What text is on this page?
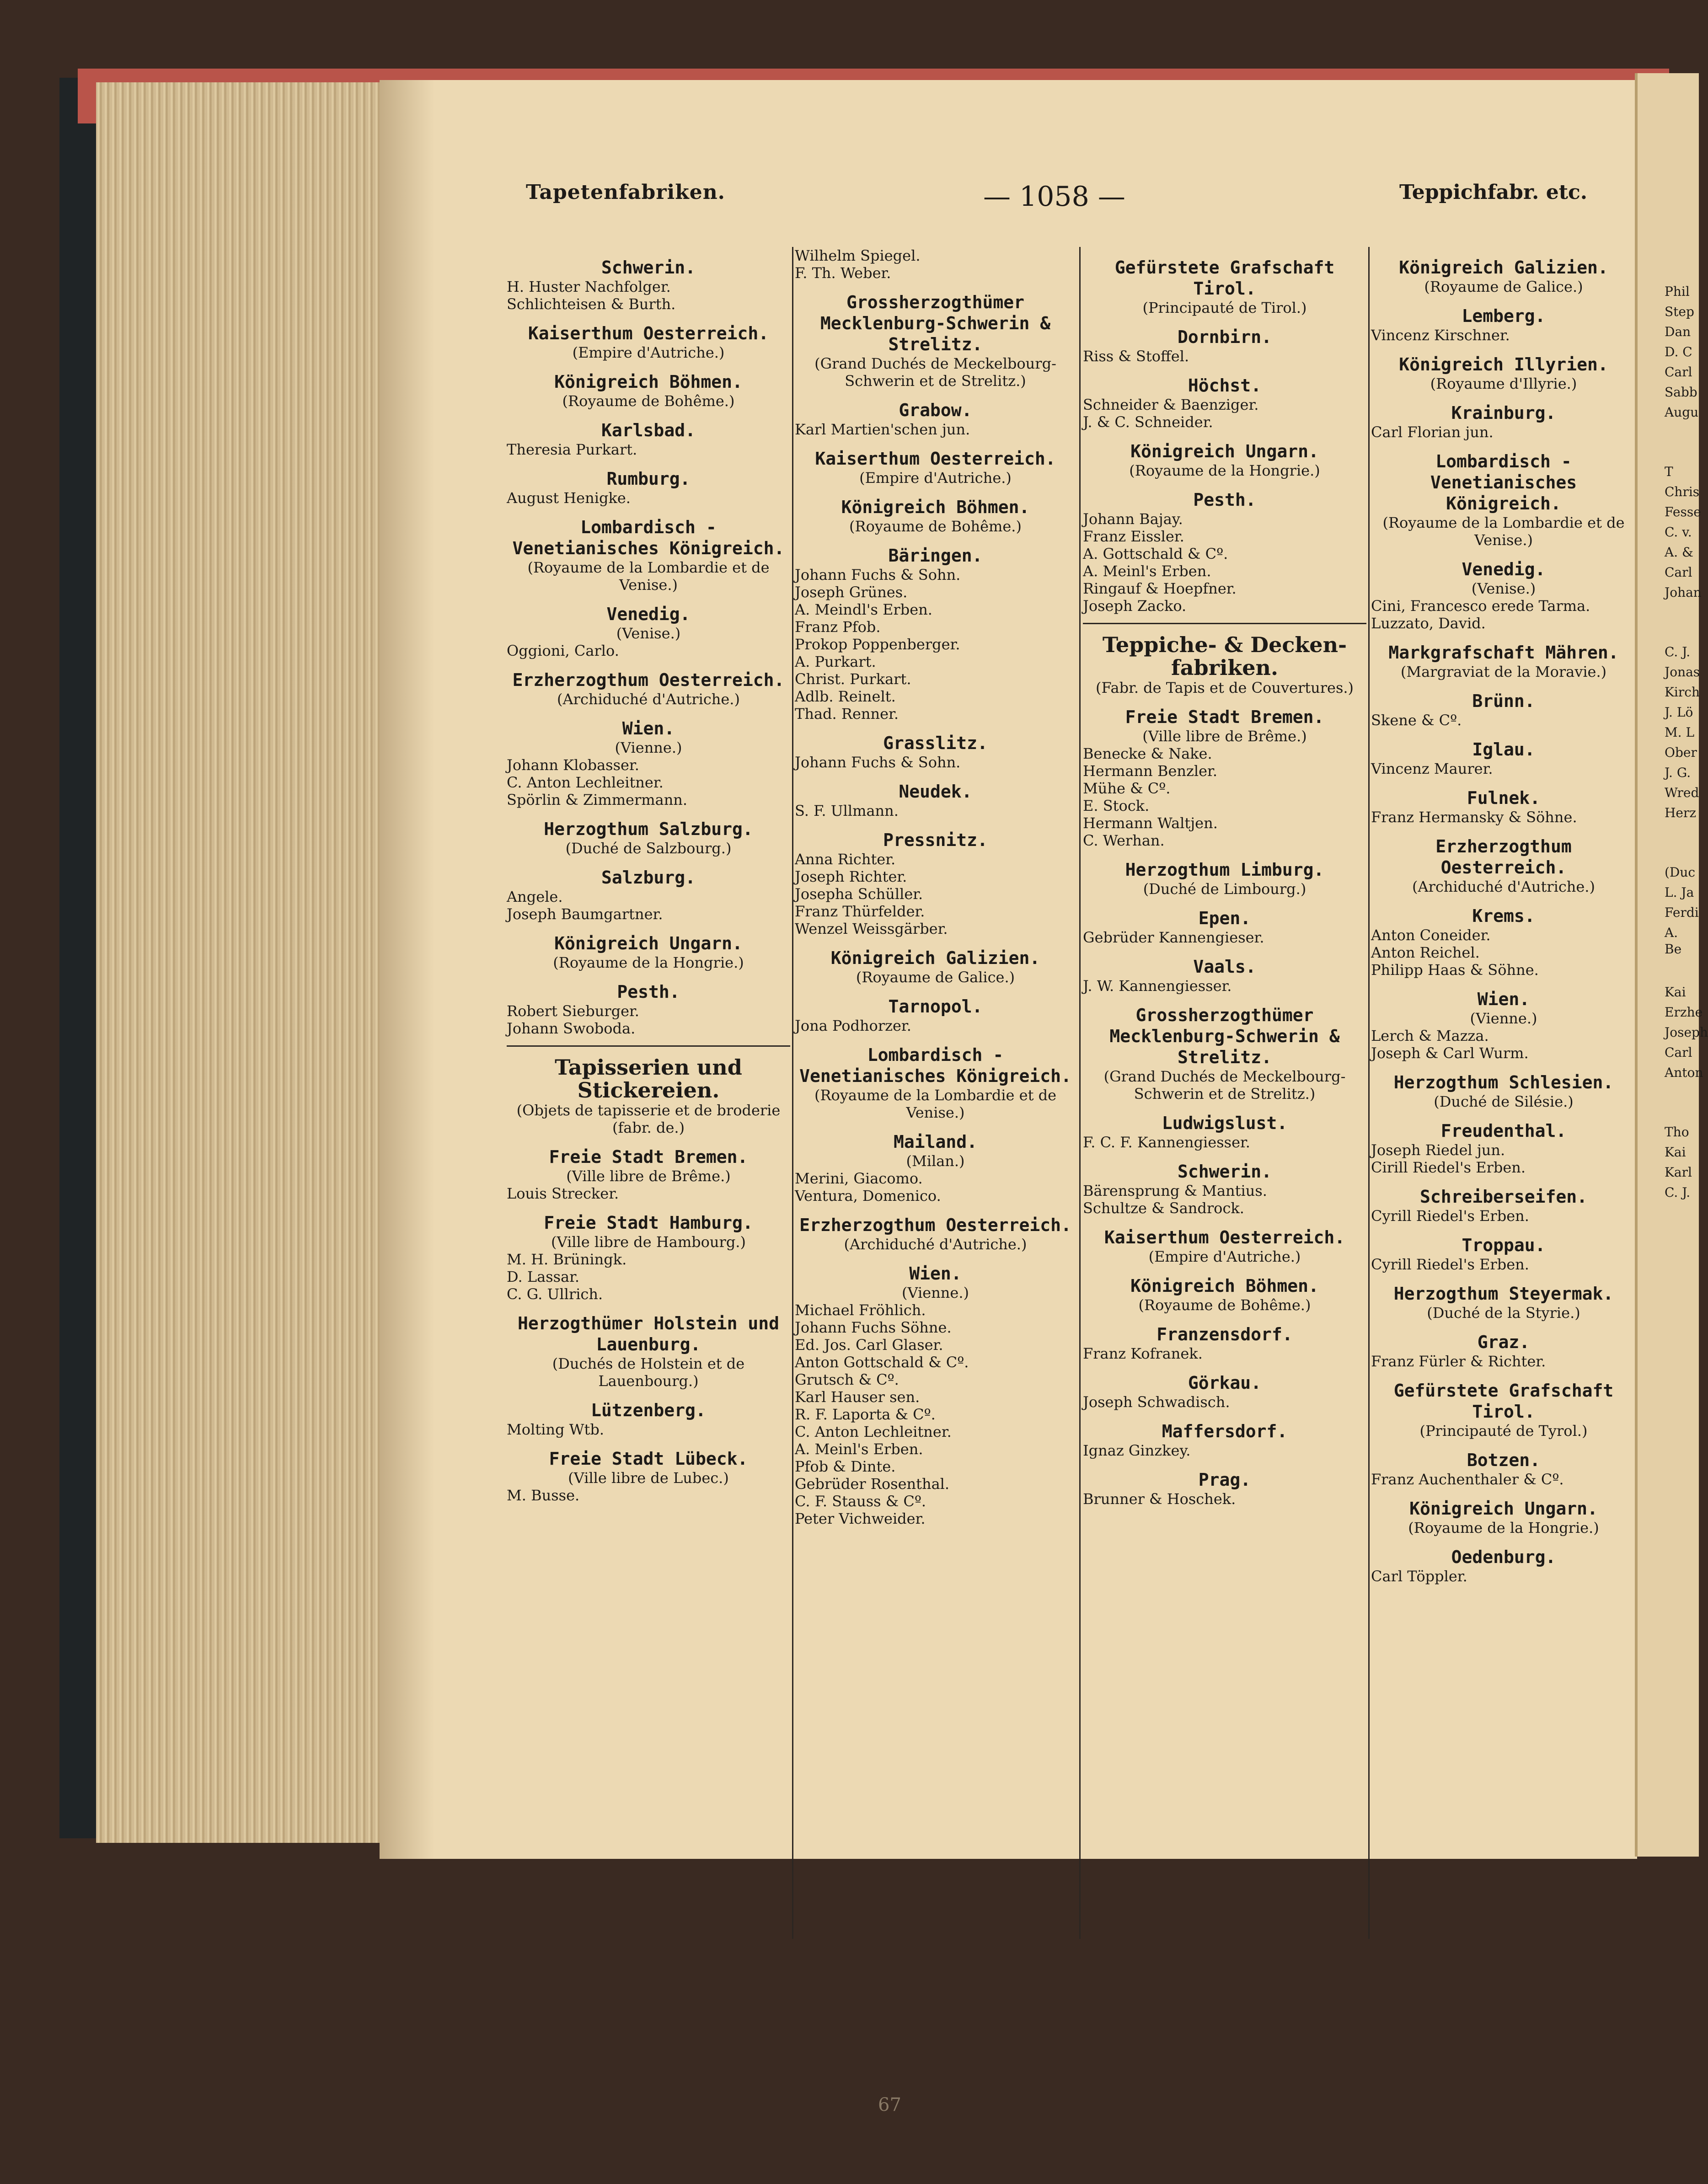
Tapetenfabriken.	— 1058 —	Teppichfabr. etc.
Schwerin.
H. Huster Nachfolger.
Schlichteisen & Burth.
Kaiserthum Oesterreich.
(Empire d'Autriche.)
Königreich Böhmen.
(Royaume de Bohême.)
Karlsbad.
Theresia Purkart.
Rumburg.
August Henigke.
Lombardisch - Venetianisches Königreich.
(Royaume de la Lombardie et de Venise.)
Venedig.
(Venise.)
Oggioni, Carlo.
Erzherzogthum Oesterreich.
(Archiduché d'Autriche.)
Wien.
(Vienne.)
Johann Klobasser.
C. Anton Lechleitner.
Spörlin & Zimmermann.
Herzogthum Salzburg.
(Duché de Salzbourg.)
Salzburg.
Angele.
Joseph Baumgartner.
Königreich Ungarn.
(Royaume de la Hongrie.)
Pesth.
Robert Sieburger.
Johann Swoboda.
Tapisserien und Stickereien.
(Objets de tapisserie et de broderie (fabr. de.)
Freie Stadt Bremen.
(Ville libre de Brême.)
Louis Strecker.
Freie Stadt Hamburg.
(Ville libre de Hambourg.)
M. H. Brüningk.
D. Lassar.
C. G. Ullrich.
Herzogthümer Holstein und Lauenburg.
(Duchés de Holstein et de Lauenbourg.)
Lützenberg.
Molting Wtb.
Freie Stadt Lübeck.
(Ville libre de Lubec.)
M. Busse.
Wilhelm Spiegel.
F. Th. Weber.
Grossherzogthümer Mecklenburg-Schwerin & Strelitz.
(Grand Duchés de Meckelbourg-Schwerin et de Strelitz.)
Grabow.
Karl Martien'schen jun.
Kaiserthum Oesterreich.
(Empire d'Autriche.)
Königreich Böhmen.
(Royaume de Bohême.)
Bäringen.
Johann Fuchs & Sohn.
Joseph Grünes.
A. Meindl's Erben.
Franz Pfob.
Prokop Poppenberger.
A. Purkart.
Christ. Purkart.
Adlb. Reinelt.
Thad. Renner.
Grasslitz.
Johann Fuchs & Sohn.
Neudek.
S. F. Ullmann.
Pressnitz.
Anna Richter.
Joseph Richter.
Josepha Schüller.
Franz Thürfelder.
Wenzel Weissgärber.
Königreich Galizien.
(Royaume de Galice.)
Tarnopol.
Jona Podhorzer.
Lombardisch - Venetianisches Königreich.
(Royaume de la Lombardie et de Venise.)
Mailand.
(Milan.)
Merini, Giacomo.
Ventura, Domenico.
Erzherzogthum Oesterreich.
(Archiduché d'Autriche.)
Wien.
(Vienne.)
Michael Fröhlich.
Johann Fuchs Söhne.
Ed. Jos. Carl Glaser.
Anton Gottschald & Cº.
Grutsch & Cº.
Karl Hauser sen.
R. F. Laporta & Cº.
C. Anton Lechleitner.
A. Meinl's Erben.
Pfob & Dinte.
Gebrüder Rosenthal.
C. F. Stauss & Cº.
Peter Vichweider.
Gefürstete Grafschaft Tirol.
(Principauté de Tirol.)
Dornbirn.
Riss & Stoffel.
Höchst.
Schneider & Baenziger.
J. & C. Schneider.
Königreich Ungarn.
(Royaume de la Hongrie.)
Pesth.
Johann Bajay.
Franz Eissler.
A. Gottschald & Cº.
A. Meinl's Erben.
Ringauf & Hoepfner.
Joseph Zacko.
Teppiche- & Decken-fabriken.
(Fabr. de Tapis et de Couvertures.)
Freie Stadt Bremen.
(Ville libre de Brême.)
Benecke & Nake.
Hermann Benzler.
Mühe & Cº.
E. Stock.
Hermann Waltjen.
C. Werhan.
Herzogthum Limburg.
(Duché de Limbourg.)
Epen.
Gebrüder Kannengieser.
Vaals.
J. W. Kannengiesser.
Grossherzogthümer Mecklenburg-Schwerin & Strelitz.
(Grand Duchés de Meckelbourg-Schwerin et de Strelitz.)
Ludwigslust.
F. C. F. Kannengiesser.
Schwerin.
Bärensprung & Mantius.
Schultze & Sandrock.
Kaiserthum Oesterreich.
(Empire d'Autriche.)
Königreich Böhmen.
(Royaume de Bohême.)
Franzensdorf.
Franz Kofranek.
Görkau.
Joseph Schwadisch.
Maffersdorf.
Ignaz Ginzkey.
Prag.
Brunner & Hoschek.
Königreich Galizien.
(Royaume de Galice.)
Lemberg.
Vincenz Kirschner.
Königreich Illyrien.
(Royaume d'Illyrie.)
Krainburg.
Carl Florian jun.
Lombardisch - Venetianisches Königreich.
(Royaume de la Lombardie et de Venise.)
Venedig.
(Venise.)
Cini, Francesco erede Tarma.
Luzzato, David.
Markgrafschaft Mähren.
(Margraviat de la Moravie.)
Brünn.
Skene & Cº.
Iglau.
Vincenz Maurer.
Fulnek.
Franz Hermansky & Söhne.
Erzherzogthum Oesterreich.
(Archiduché d'Autriche.)
Krems.
Anton Coneider.
Anton Reichel.
Philipp Haas & Söhne.
Wien.
(Vienne.)
Lerch & Mazza.
Joseph & Carl Wurm.
Herzogthum Schlesien.
(Duché de Silésie.)
Freudenthal.
Joseph Riedel jun.
Cirill Riedel's Erben.
Schreiberseifen.
Cyrill Riedel's Erben.
Troppau.
Cyrill Riedel's Erben.
Herzogthum Steyermak.
(Duché de la Styrie.)
Graz.
Franz Fürler & Richter.
Gefürstete Grafschaft Tirol.
(Principauté de Tyrol.)
Botzen.
Franz Auchenthaler & Cº.
Königreich Ungarn.
(Royaume de la Hongrie.)
Oedenburg.
Carl Töppler.
67
Phil
Step
Dan
D. C
Carl
Sabb
Augu
T
Chris
Fesse
C. v.
A. &
Carl
Johan
C. J.
Jonas
Kirch
J. Lö
M. L
Ober
J. G.
Wred
Herz
(Duc
L. Ja
Ferdi
A. Be
Kai
Erzhe
Joseph
Carl
Anton
Tho
Kai
Karl
C. J.
